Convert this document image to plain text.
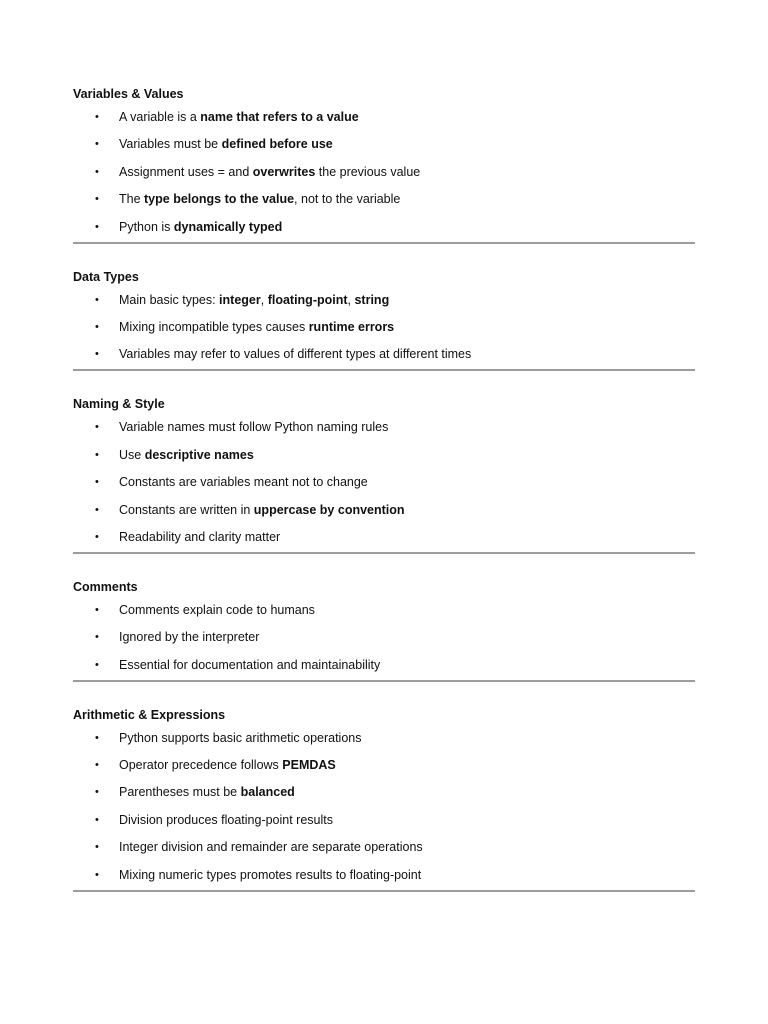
Variables & Values
• A variable is a name that refers to a value
• Variables must be defined before use
• Assignment uses = and overwrites the previous value
• The type belongs to the value, not to the variable
• Python is dynamically typed
Data Types
• Main basic types: integer, floating-point, string
• Mixing incompatible types causes runtime errors
• Variables may refer to values of different types at different times
Naming & Style
• Variable names must follow Python naming rules
• Use descriptive names
• Constants are variables meant not to change
• Constants are written in uppercase by convention
• Readability and clarity matter
Comments
• Comments explain code to humans
• Ignored by the interpreter
• Essential for documentation and maintainability
Arithmetic & Expressions
• Python supports basic arithmetic operations
• Operator precedence follows PEMDAS
• Parentheses must be balanced
• Division produces floating-point results
• Integer division and remainder are separate operations
• Mixing numeric types promotes results to floating-point
